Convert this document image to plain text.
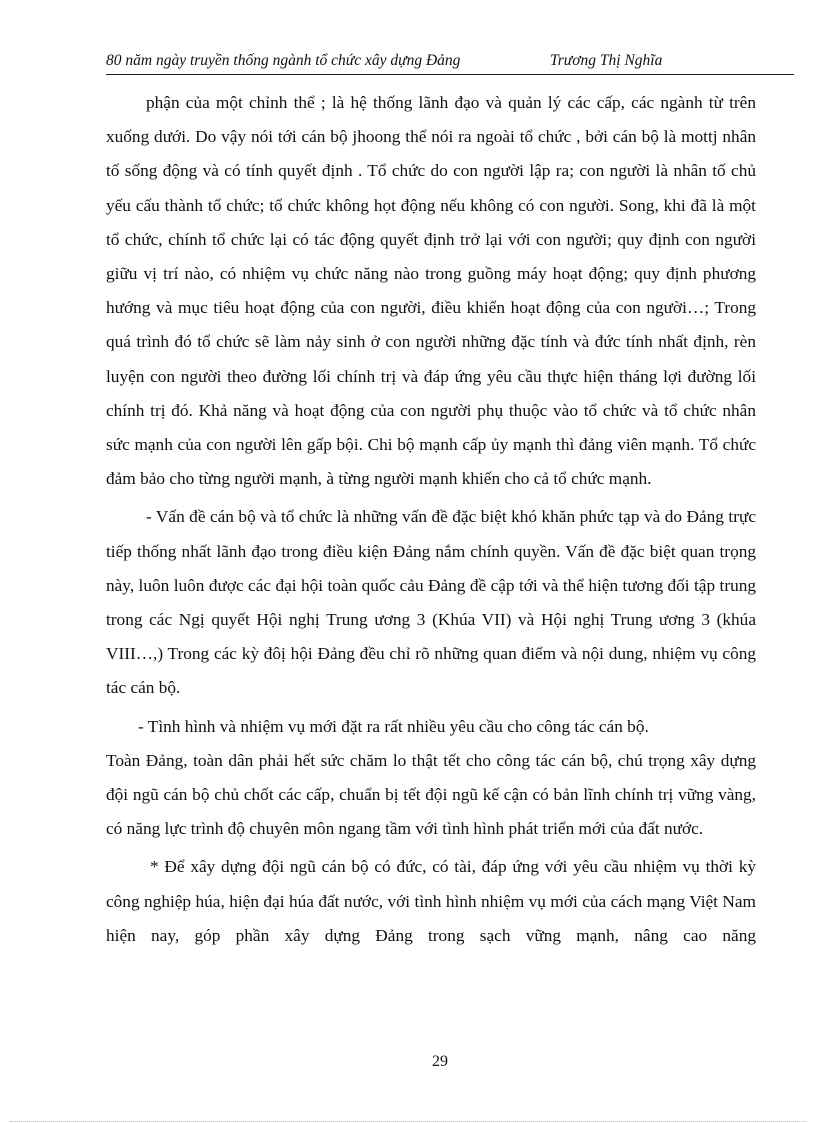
80 năm ngày truyền thống ngành tổ chức xây dựng Đảng	Trương Thị Nghĩa

phận của một chỉnh thể ; là hệ thống lãnh đạo và quản lý các cấp, các ngành từ trên xuống dưới. Do vậy nói tới cán bộ jhoong thể nói ra ngoài tổ chức , bởi cán bộ là mottj nhân tố sống động và có tính quyết định . Tổ chức do con người lập ra; con người là nhân tố chủ yếu cấu thành tổ chức; tổ chức không họt động nếu không có con người. Song, khi đã là một tổ chức, chính tổ chức lại có tác động quyết định trở lại với con người; quy định con người giữu vị trí nào, có nhiệm vụ chức năng nào trong guồng máy hoạt động; quy định phương hướng và mục tiêu hoạt động của con người, điều khiển hoạt động của con người…; Trong quá trình đó tổ chức sẽ làm nảy sinh ở con người những đặc tính và đức tính nhất định, rèn luyện con người theo đường lối chính trị và đáp ứng yêu cầu thực hiện tháng lợi đường lối chính trị đó. Khả năng và hoạt động của con người phụ thuộc vào tổ chức và tổ chức nhân sức mạnh của con người lên gấp bội. Chi bộ mạnh cấp ủy mạnh thì đảng viên mạnh. Tổ chức đảm bảo cho từng người mạnh, à từng người mạnh khiến cho cả tổ chức mạnh.

- Vấn đề cán bộ và tổ chức là những vấn đề đặc biệt khó khăn phức tạp và do Đảng trực tiếp thống nhất lãnh đạo trong điều kiện Đảng nắm chính quyền. Vấn đề đặc biệt quan trọng này, luôn luôn được các đại hội toàn quốc cảu Đảng đề cập tới và thể hiện tương đối tập trung trong các Ngị quyết Hội nghị Trung ương 3 (Khúa VII) và Hội nghị Trung ương 3 (khúa VIII…,) Trong các kỳ đôị hội Đảng đều chỉ rõ những quan điểm và nội dung, nhiệm vụ công tác cán bộ.

- Tình hình và nhiệm vụ mới đặt ra rất nhiều yêu cầu cho công tác cán bộ.

Toàn Đảng, toàn dân phải hết sức chăm lo thật tết cho công tác cán bộ, chú trọng xây dựng đội ngũ cán bộ chủ chốt các cấp, chuẩn bị tết đội ngũ kế cận có bản lĩnh chính trị vững vàng, có năng lực trình độ chuyên môn ngang tầm với tình hình phát triển mới của đất nước.

* Để xây dựng đội ngũ cán bộ có đức, có tài, đáp ứng với yêu cầu nhiệm vụ thời kỳ công nghiệp húa, hiện đại húa đất nước, với tình hình nhiệm vụ mới của cách mạng Việt Nam hiện nay, góp phần xây dựng Đảng trong sạch vững mạnh, nâng cao năng

29
